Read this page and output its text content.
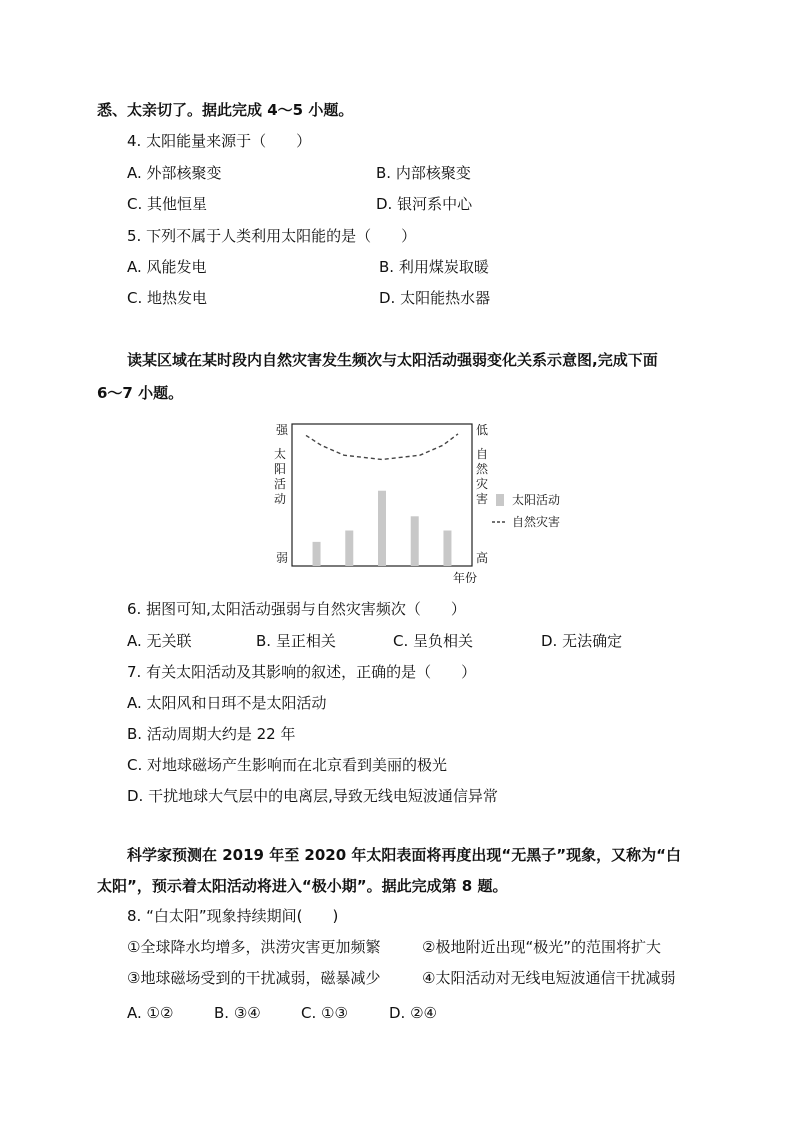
悉、太亲切了。据此完成 4～5 小题。
4. 太阳能量来源于（　　）
A. 外部核聚变	B. 内部核聚变
C. 其他恒星	D. 银河系中心
5. 下列不属于人类利用太阳能的是（　　）
A. 风能发电	B. 利用煤炭取暖
C. 地热发电	D. 太阳能热水器
读某区域在某时段内自然灾害发生频次与太阳活动强弱变化关系示意图,完成下面
6～7 小题。
强
弱
太
阳
活
动
低
高
自
然
灾
害
年份
太阳活动
自然灾害
6. 据图可知,太阳活动强弱与自然灾害频次（　　）
A. 无关联	B. 呈正相关	C. 呈负相关	D. 无法确定
7. 有关太阳活动及其影响的叙述，正确的是（　　）
A. 太阳风和日珥不是太阳活动
B. 活动周期大约是 22 年
C. 对地球磁场产生影响而在北京看到美丽的极光
D. 干扰地球大气层中的电离层,导致无线电短波通信异常
科学家预测在 2019 年至 2020 年太阳表面将再度出现“无黑子”现象，又称为“白
太阳”，预示着太阳活动将进入“极小期”。据此完成第 8 题。
8. “白太阳”现象持续期间(　　)
①全球降水均增多，洪涝灾害更加频繁	②极地附近出现“极光”的范围将扩大
③地球磁场受到的干扰减弱，磁暴减少	④太阳活动对无线电短波通信干扰减弱
A. ①②	B. ③④	C. ①③	D. ②④
